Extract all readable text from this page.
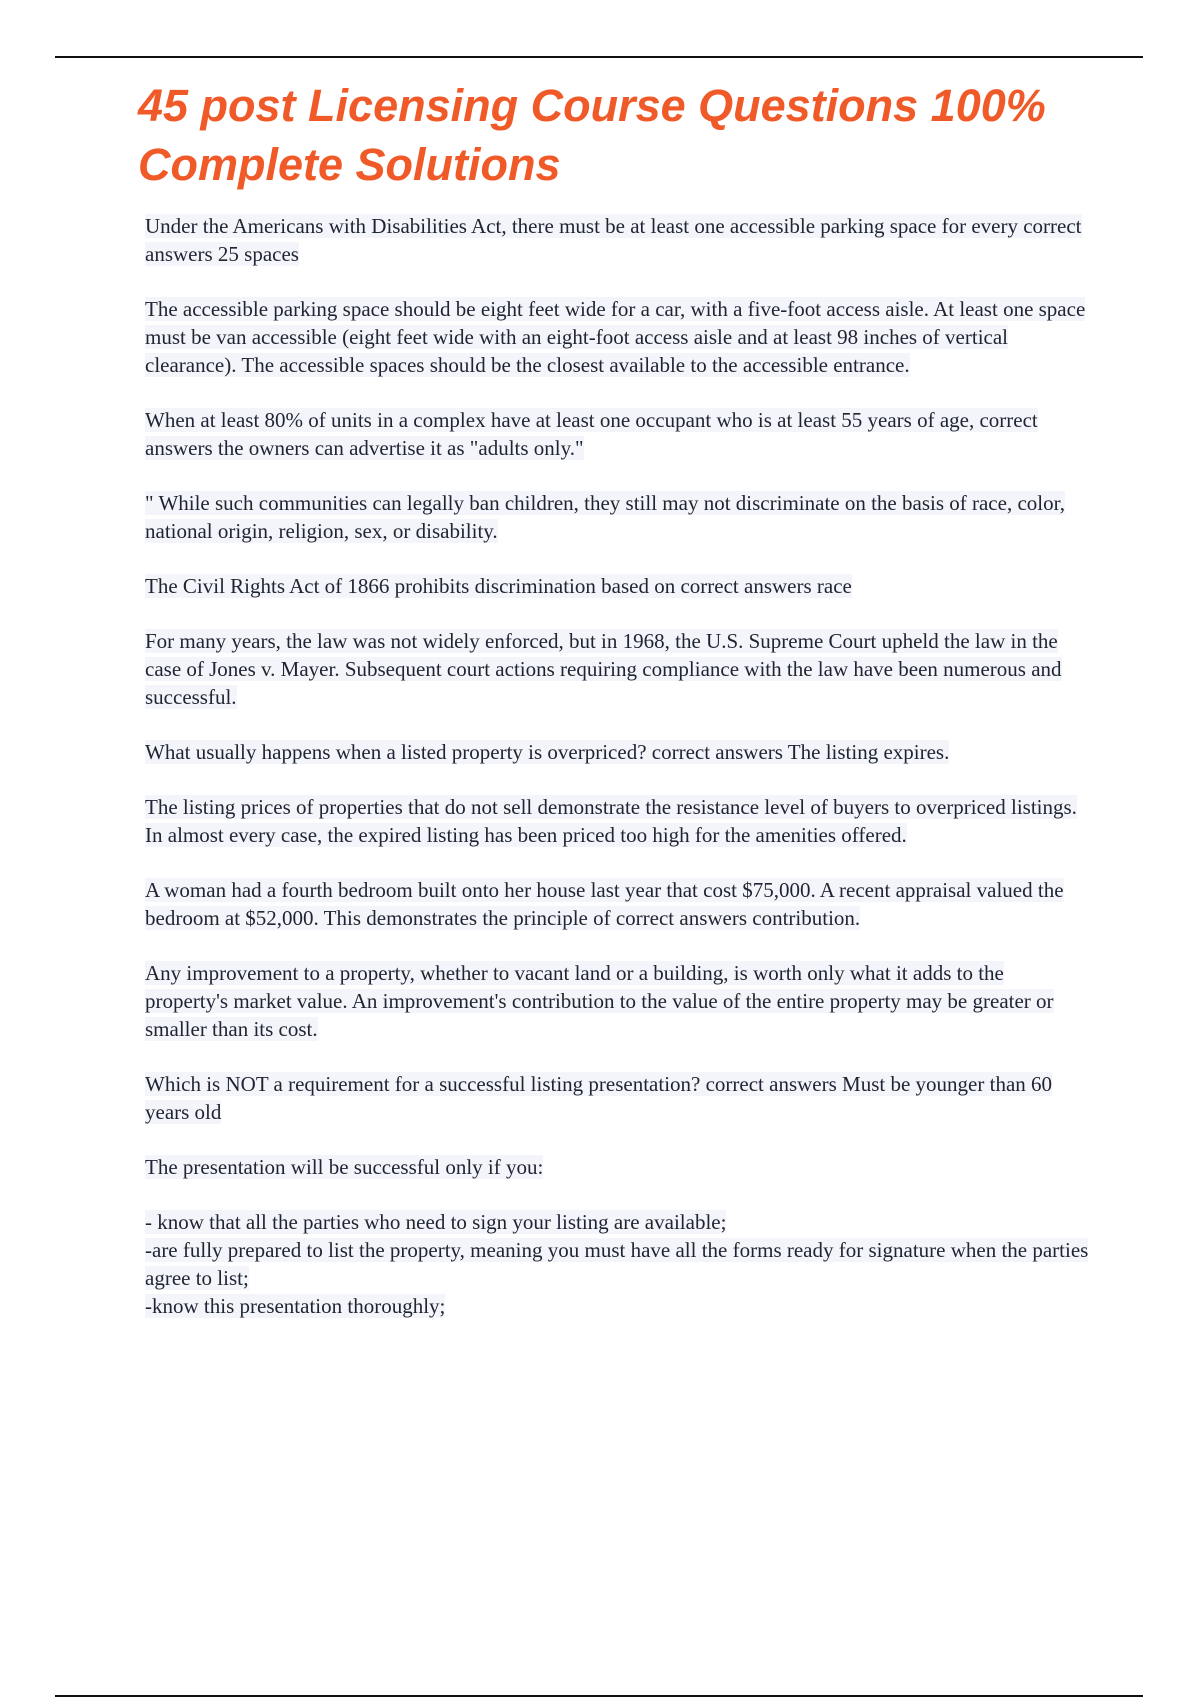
45 post Licensing Course Questions 100% Complete Solutions

Under the Americans with Disabilities Act, there must be at least one accessible parking space for every correct answers 25 spaces

The accessible parking space should be eight feet wide for a car, with a five-foot access aisle. At least one space must be van accessible (eight feet wide with an eight-foot access aisle and at least 98 inches of vertical clearance). The accessible spaces should be the closest available to the accessible entrance.

When at least 80% of units in a complex have at least one occupant who is at least 55 years of age, correct answers the owners can advertise it as "adults only."

" While such communities can legally ban children, they still may not discriminate on the basis of race, color, national origin, religion, sex, or disability.

The Civil Rights Act of 1866 prohibits discrimination based on correct answers race

For many years, the law was not widely enforced, but in 1968, the U.S. Supreme Court upheld the law in the case of Jones v. Mayer. Subsequent court actions requiring compliance with the law have been numerous and successful.

What usually happens when a listed property is overpriced? correct answers The listing expires.

The listing prices of properties that do not sell demonstrate the resistance level of buyers to overpriced listings. In almost every case, the expired listing has been priced too high for the amenities offered.

A woman had a fourth bedroom built onto her house last year that cost $75,000. A recent appraisal valued the bedroom at $52,000. This demonstrates the principle of correct answers contribution.

Any improvement to a property, whether to vacant land or a building, is worth only what it adds to the property's market value. An improvement's contribution to the value of the entire property may be greater or smaller than its cost.

Which is NOT a requirement for a successful listing presentation? correct answers Must be younger than 60 years old

The presentation will be successful only if you:

- know that all the parties who need to sign your listing are available;
-are fully prepared to list the property, meaning you must have all the forms ready for signature when the parties agree to list;
-know this presentation thoroughly;
